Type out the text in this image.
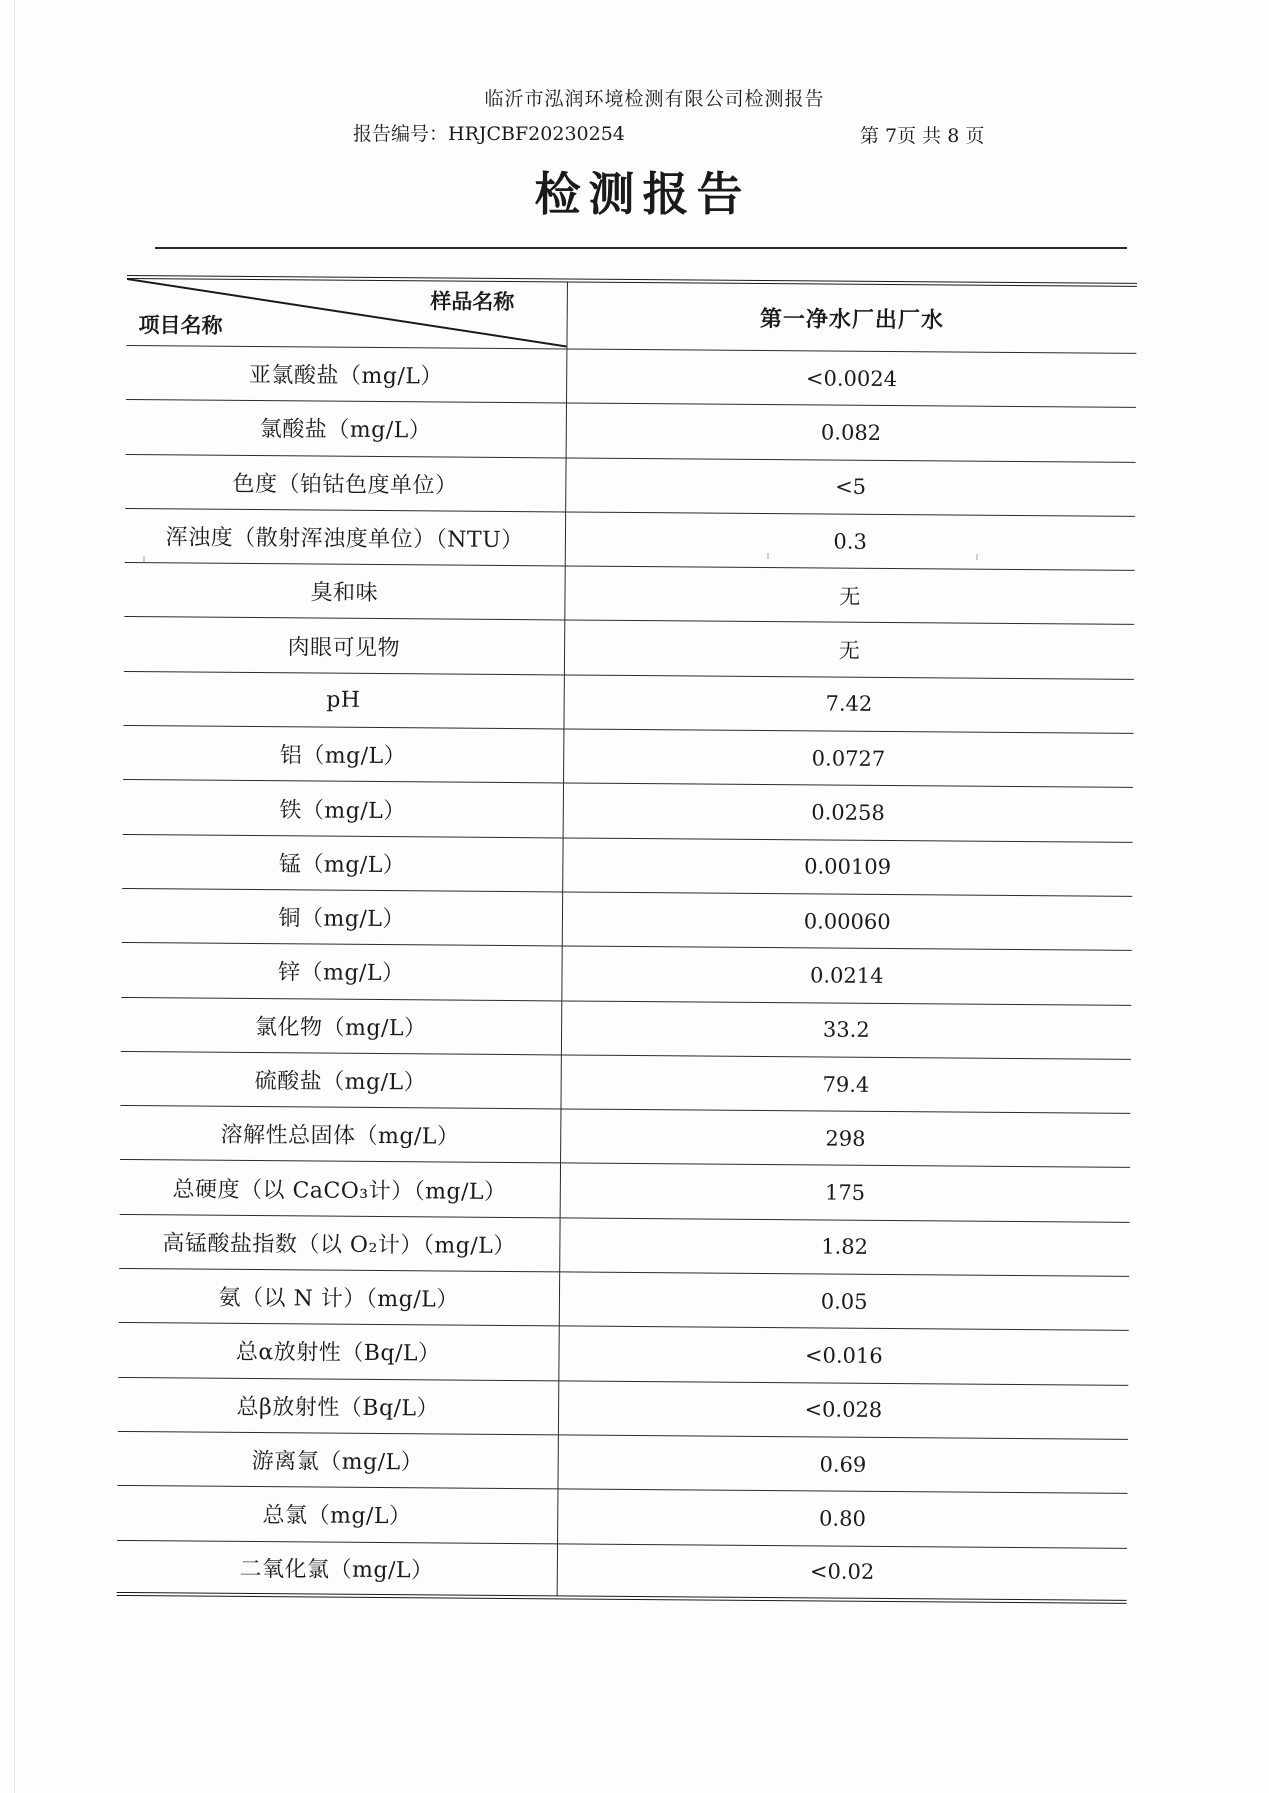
临沂市泓润环境检测有限公司检测报告
报告编号：HRJCBF20230254	第 7页 共 8 页
检测报告
样品名称
项目名称	第一净水厂出厂水
亚氯酸盐（mg/L）	<0.0024
氯酸盐（mg/L）	0.082
色度（铂钴色度单位）	<5
浑浊度（散射浑浊度单位）（NTU）	0.3
臭和味	无
肉眼可见物	无
pH	7.42
铝（mg/L）	0.0727
铁（mg/L）	0.0258
锰（mg/L）	0.00109
铜（mg/L）	0.00060
锌（mg/L）	0.0214
氯化物（mg/L）	33.2
硫酸盐（mg/L）	79.4
溶解性总固体（mg/L）	298
总硬度（以 CaCO₃计）（mg/L）	175
高锰酸盐指数（以 O₂计）（mg/L）	1.82
氨（以 N 计）（mg/L）	0.05
总α放射性（Bq/L）	<0.016
总β放射性（Bq/L）	<0.028
游离氯（mg/L）	0.69
总氯（mg/L）	0.80
二氧化氯（mg/L）	<0.02
